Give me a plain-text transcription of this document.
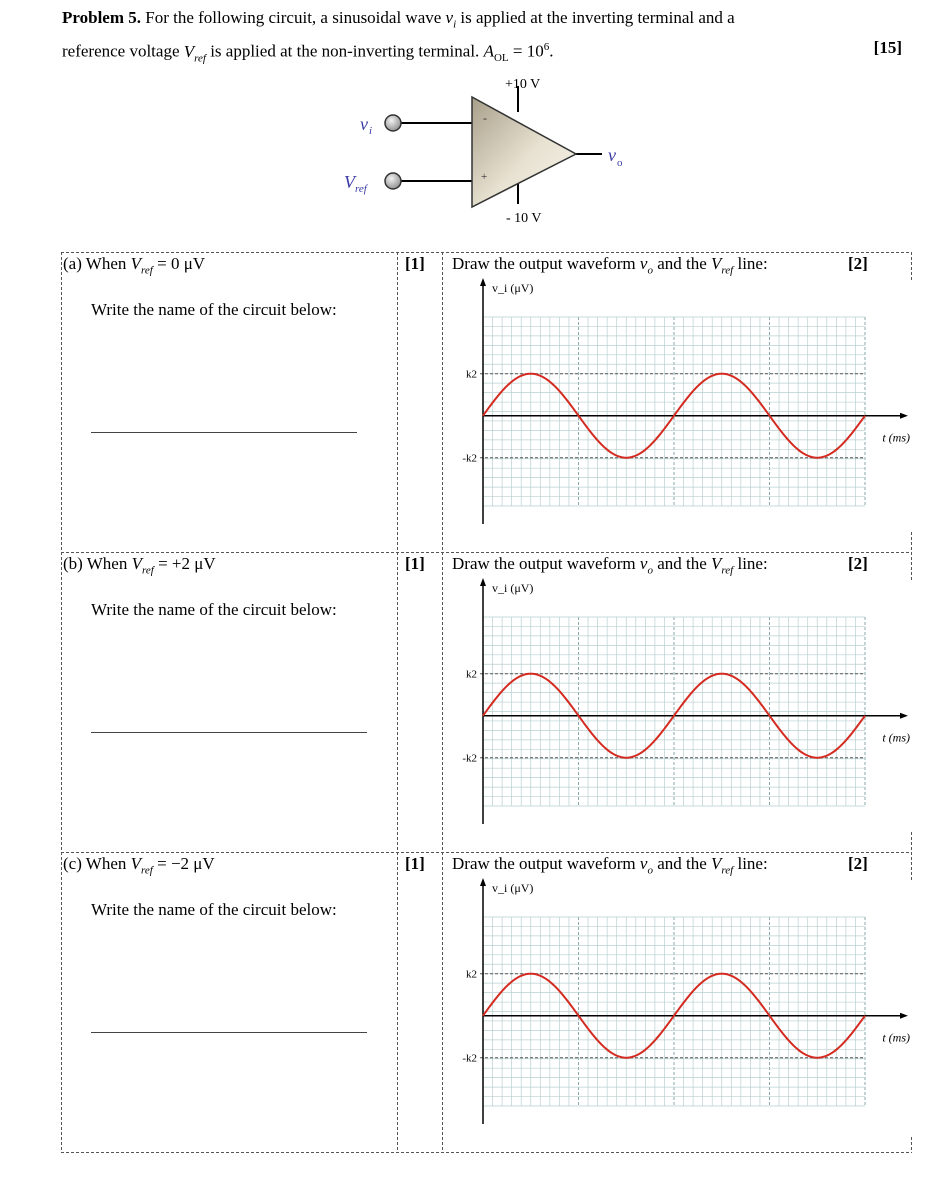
Problem 5. For the following circuit, a sinusoidal wave $v_i$ is applied at the inverting terminal and a
reference voltage $V_{ref}$ is applied at the non-inverting terminal. $A_{OL} = 10^6$.	[15]
-
+
+10 V
- 10 V
v i
V ref
v o
(a) When $V_{ref} = 0$ μV
Write the name of the circuit below:
[1] Draw the output waveform $v_o$ and the $V_{ref}$ line:	[2]
k2
-k2
v_i (μV)
t (ms)
(b) When $V_{ref} = +2$ μV
Write the name of the circuit below:
[1] Draw the output waveform $v_o$ and the $V_{ref}$ line:	[2]
k2
-k2
v_i (μV)
t (ms)
(c) When $V_{ref} = -2$ μV
Write the name of the circuit below:
[1] Draw the output waveform $v_o$ and the $V_{ref}$ line:	[2]
k2
-k2
v_i (μV)
t (ms)
